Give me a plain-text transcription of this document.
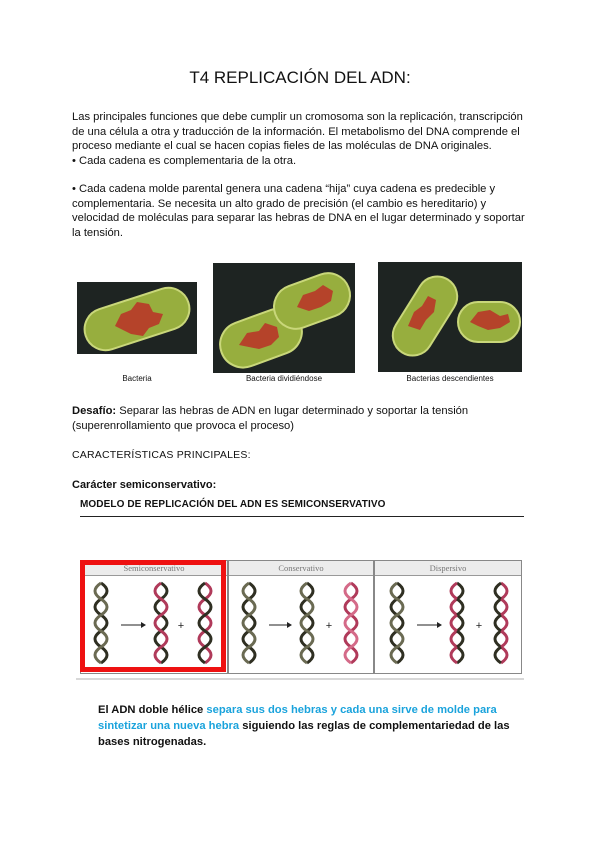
T4 REPLICACIÓN DEL ADN:

Las principales funciones que debe cumplir un cromosoma son la replicación, transcripción de una célula a otra y traducción de la información. El metabolismo del DNA comprende el proceso mediante el cual se hacen copias fieles de las moléculas de DNA originales.
• Cada cadena es complementaria de la otra.

• Cada cadena molde parental genera una cadena “hija” cuya cadena es predecible y complementaria. Se necesita un alto grado de precisión (el cambio es hereditario) y velocidad de moléculas para separar las hebras de DNA en el lugar determinado y soportar la tensión.

Bacteria	Bacteria dividiéndose	Bacterias descendientes

Desafío: Separar las hebras de ADN en lugar determinado y soportar la tensión (superenrollamiento que provoca el proceso)

CARACTERÍSTICAS PRINCIPALES:

Carácter semiconservativo:

MODELO DE REPLICACIÓN DEL ADN ES SEMICONSERVATIVO
Semiconservativo
+
Conservativo
+
Dispersivo
+
El ADN doble hélice separa sus dos hebras y cada una sirve de molde para sintetizar una nueva hebra siguiendo las reglas de complementariedad de las bases nitrogenadas.
